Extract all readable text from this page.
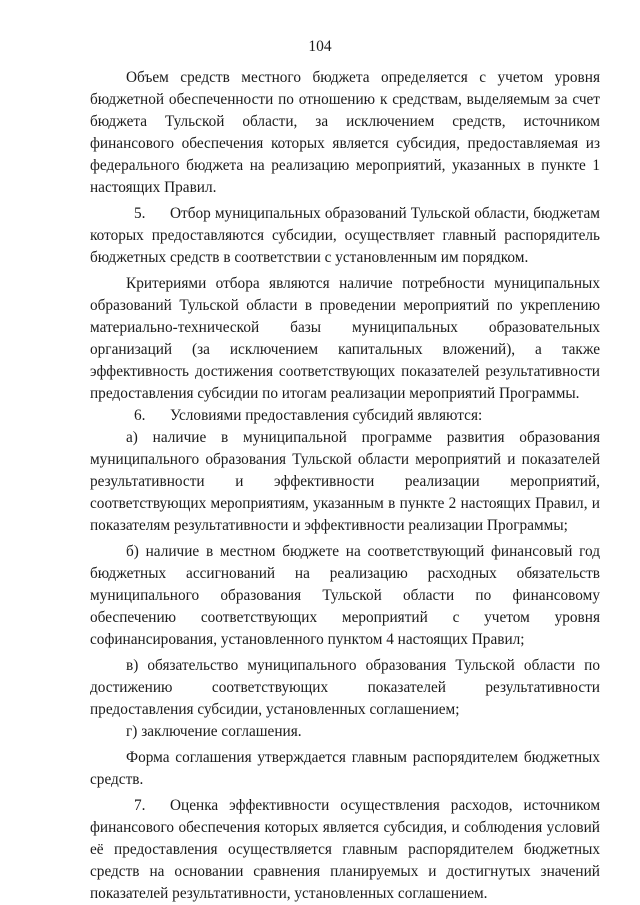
104

Объем средств местного бюджета определяется с учетом уровня бюджетной обеспеченности по отношению к средствам, выделяемым за счет бюджета Тульской области, за исключением средств, источником финансового обеспечения которых является субсидия, предоставляемая из федерального бюджета на реализацию мероприятий, указанных в пункте 1 настоящих Правил.

5. Отбор муниципальных образований Тульской области, бюджетам которых предоставляются субсидии, осуществляет главный распорядитель бюджетных средств в соответствии с установленным им порядком.

Критериями отбора являются наличие потребности муниципальных образований Тульской области в проведении мероприятий по укреплению материально-технической базы муниципальных образовательных организаций (за исключением капитальных вложений), а также эффективность достижения соответствующих показателей результативности предоставления субсидии по итогам реализации мероприятий Программы.

6. Условиями предоставления субсидий являются:

а) наличие в муниципальной программе развития образования муниципального образования Тульской области мероприятий и показателей результативности и эффективности реализации мероприятий, соответствующих мероприятиям, указанным в пункте 2 настоящих Правил, и показателям результативности и эффективности реализации Программы;

б) наличие в местном бюджете на соответствующий финансовый год бюджетных ассигнований на реализацию расходных обязательств муниципального образования Тульской области по финансовому обеспечению соответствующих мероприятий с учетом уровня софинансирования, установленного пунктом 4 настоящих Правил;

в) обязательство муниципального образования Тульской области по достижению соответствующих показателей результативности предоставления субсидии, установленных соглашением;

г) заключение соглашения.

Форма соглашения утверждается главным распорядителем бюджетных средств.

7. Оценка эффективности осуществления расходов, источником финансового обеспечения которых является субсидия, и соблюдения условий её предоставления осуществляется главным распорядителем бюджетных средств на основании сравнения планируемых и достигнутых значений показателей результативности, установленных соглашением.
